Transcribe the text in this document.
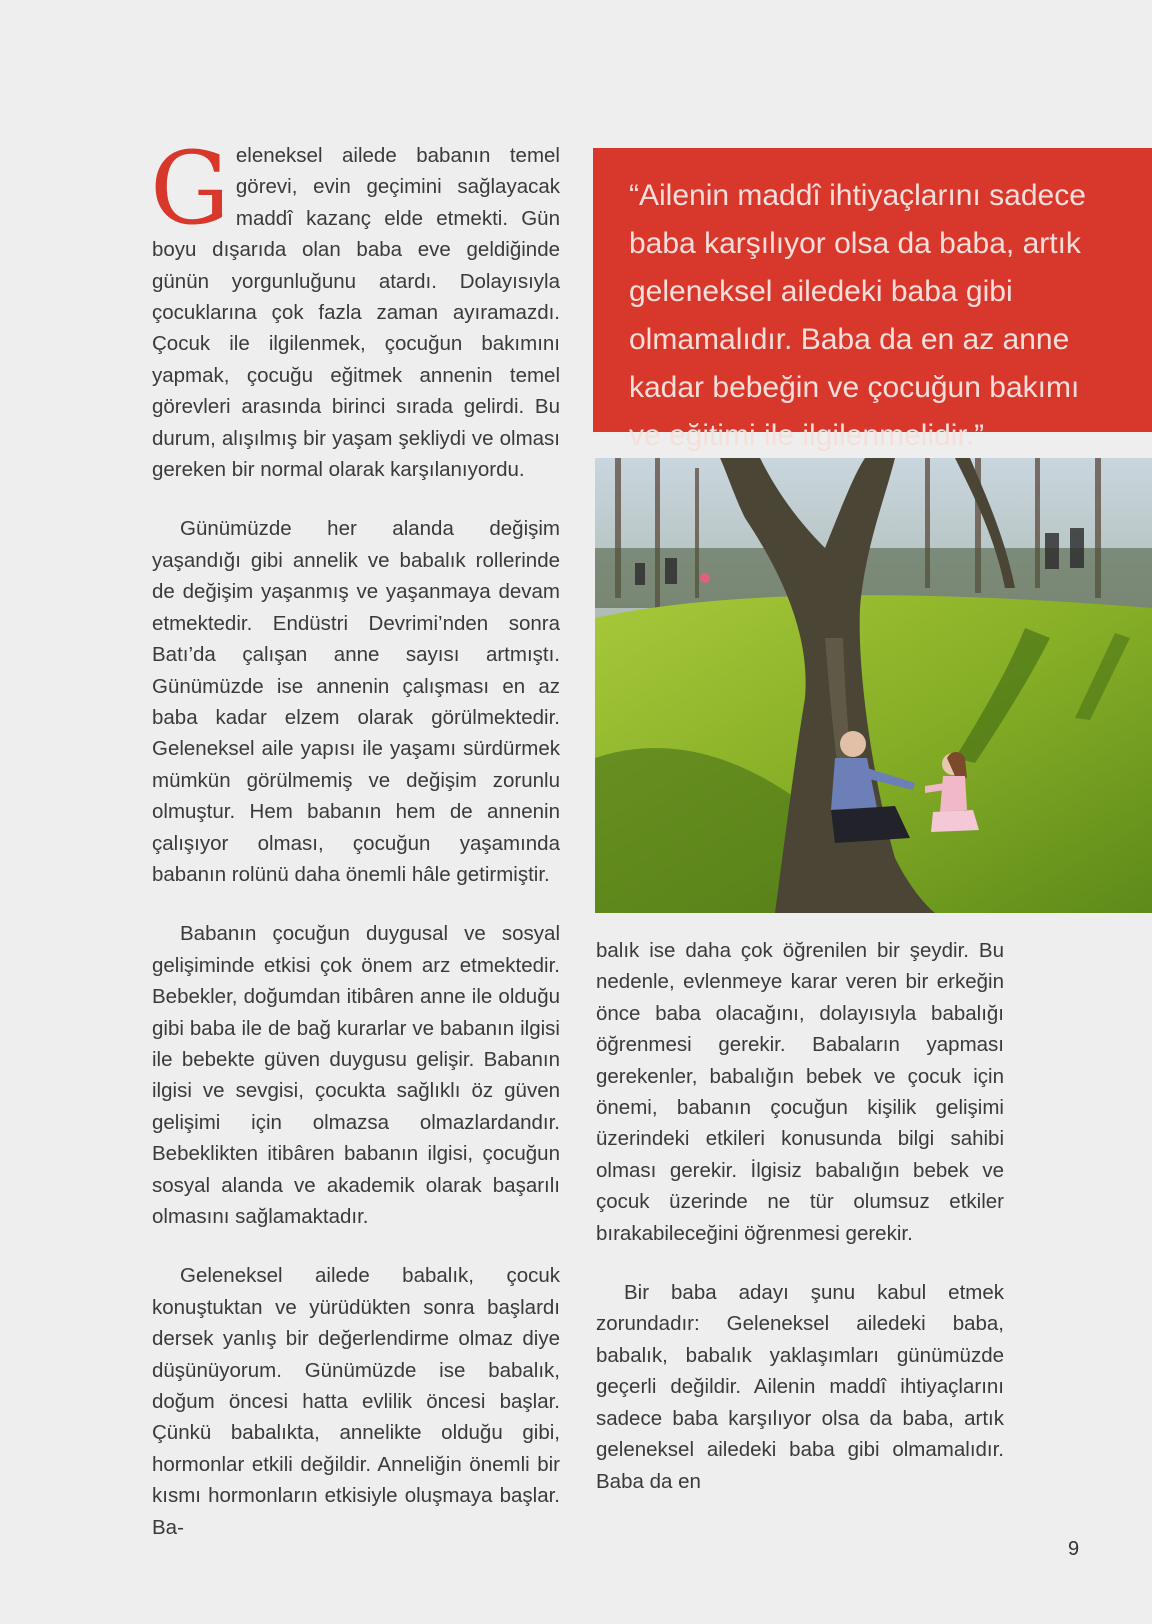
Geleneksel ailede babanın temel görevi, evin geçimini sağlayacak maddî kazanç elde etmekti. Gün boyu dışarıda olan baba eve geldiğinde günün yorgunluğunu atardı. Dolayısıyla çocuklarına çok fazla zaman ayıramazdı. Çocuk ile ilgilenmek, çocuğun bakımını yapmak, çocuğu eğitmek annenin temel görevleri arasında birinci sırada gelirdi. Bu durum, alışılmış bir yaşam şekliydi ve olması gereken bir normal olarak karşılanıyordu.

Günümüzde her alanda değişim yaşandığı gibi annelik ve babalık rollerinde de değişim yaşanmış ve yaşanmaya devam etmektedir. Endüstri Devrimi’nden sonra Batı’da çalışan anne sayısı artmıştı. Günümüzde ise annenin çalışması en az baba kadar elzem olarak görülmektedir. Geleneksel aile yapısı ile yaşamı sürdürmek mümkün görülmemiş ve değişim zorunlu olmuştur. Hem babanın hem de annenin çalışıyor olması, çocuğun yaşamında babanın rolünü daha önemli hâle getirmiştir.

Babanın çocuğun duygusal ve sosyal gelişiminde etkisi çok önem arz etmektedir. Bebekler, doğumdan itibâren anne ile olduğu gibi baba ile de bağ kurarlar ve babanın ilgisi ile bebekte güven duygusu gelişir. Babanın ilgisi ve sevgisi, çocukta sağlıklı öz güven gelişimi için olmazsa olmazlardandır. Bebeklikten itibâren babanın ilgisi, çocuğun sosyal alanda ve akademik olarak başarılı olmasını sağlamaktadır.

Geleneksel ailede babalık, çocuk konuştuktan ve yürüdükten sonra başlardı dersek yanlış bir değerlendirme olmaz diye düşünüyorum. Günümüzde ise babalık, doğum öncesi hatta evlilik öncesi başlar. Çünkü babalıkta, annelikte olduğu gibi, hormonlar etkili değildir. Anneliğin önemli bir kısmı hormonların etkisiyle oluşmaya başlar. Ba-

“Ailenin maddî ihtiyaçlarını sadece baba karşılıyor olsa da baba, artık geleneksel ailedeki baba gibi olmamalıdır. Baba da en az anne kadar bebeğin ve çocuğun bakımı ve eğitimi ile ilgilenmelidir.”

balık ise daha çok öğrenilen bir şeydir. Bu nedenle, evlenmeye karar veren bir erkeğin önce baba olacağını, dolayısıyla babalığı öğrenmesi gerekir. Babaların yapması gerekenler, babalığın bebek ve çocuk için önemi, babanın çocuğun kişilik gelişimi üzerindeki etkileri konusunda bilgi sahibi olması gerekir. İlgisiz babalığın bebek ve çocuk üzerinde ne tür olumsuz etkiler bırakabileceğini öğrenmesi gerekir.

Bir baba adayı şunu kabul etmek zorundadır: Geleneksel ailedeki baba, babalık, babalık yaklaşımları günümüzde geçerli değildir. Ailenin maddî ihtiyaçlarını sadece baba karşılıyor olsa da baba, artık geleneksel ailedeki baba gibi olmamalıdır. Baba da en

9
